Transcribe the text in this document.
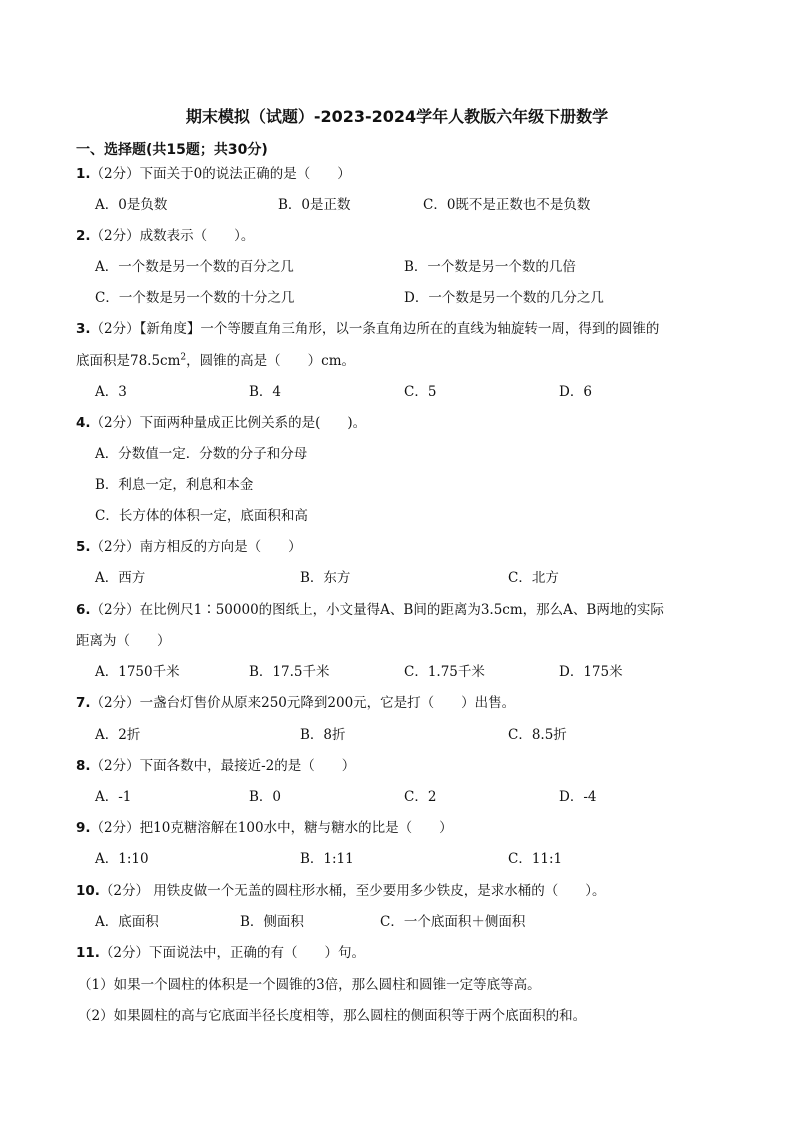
期末模拟（试题）-2023-2024学年人教版六年级下册数学
一、选择题(共15题；共30分)
1.（2分）下面关于0的说法正确的是（　　）
A．0是负数	B．0是正数	C．0既不是正数也不是负数
2.（2分）成数表示（　　）。
A．一个数是另一个数的百分之几	B．一个数是另一个数的几倍
C．一个数是另一个数的十分之几	D．一个数是另一个数的几分之几
3.（2分）【新角度】一个等腰直角三角形，以一条直角边所在的直线为轴旋转一周，得到的圆锥的
底面积是$78.5cm^2$，圆锥的高是（　　）cm。
A．3	B．4	C．5	D．6
4.（2分）下面两种量成正比例关系的是(　　)。
A．分数值一定．分数的分子和分母
B．利息一定，利息和本金
C．长方体的体积一定，底面积和高
5.（2分）南方相反的方向是（　　）
A．西方	B．东方	C．北方
6.（2分）在比例尺1∶50000的图纸上，小文量得A、B间的距离为3.5cm，那么A、B两地的实际
距离为（　　）
A．1750千米	B．17.5千米	C．1.75千米	D．175米
7.（2分）一盏台灯售价从原来250元降到200元，它是打（　　）出售。
A．2折	B．8折	C．8.5折
8.（2分）下面各数中，最接近-2的是（　　）
A．-1	B．0	C．2	D．-4
9.（2分）把10克糖溶解在100水中，糖与糖水的比是（　　）
A．1:10	B．1:11	C．11:1
10.（2分） 用铁皮做一个无盖的圆柱形水桶，至少要用多少铁皮，是求水桶的（　　）。
A．底面积	B．侧面积	C．一个底面积＋侧面积
11.（2分）下面说法中，正确的有（　　）句。
（1）如果一个圆柱的体积是一个圆锥的3倍，那么圆柱和圆锥一定等底等高。
（2）如果圆柱的高与它底面半径长度相等，那么圆柱的侧面积等于两个底面积的和。
